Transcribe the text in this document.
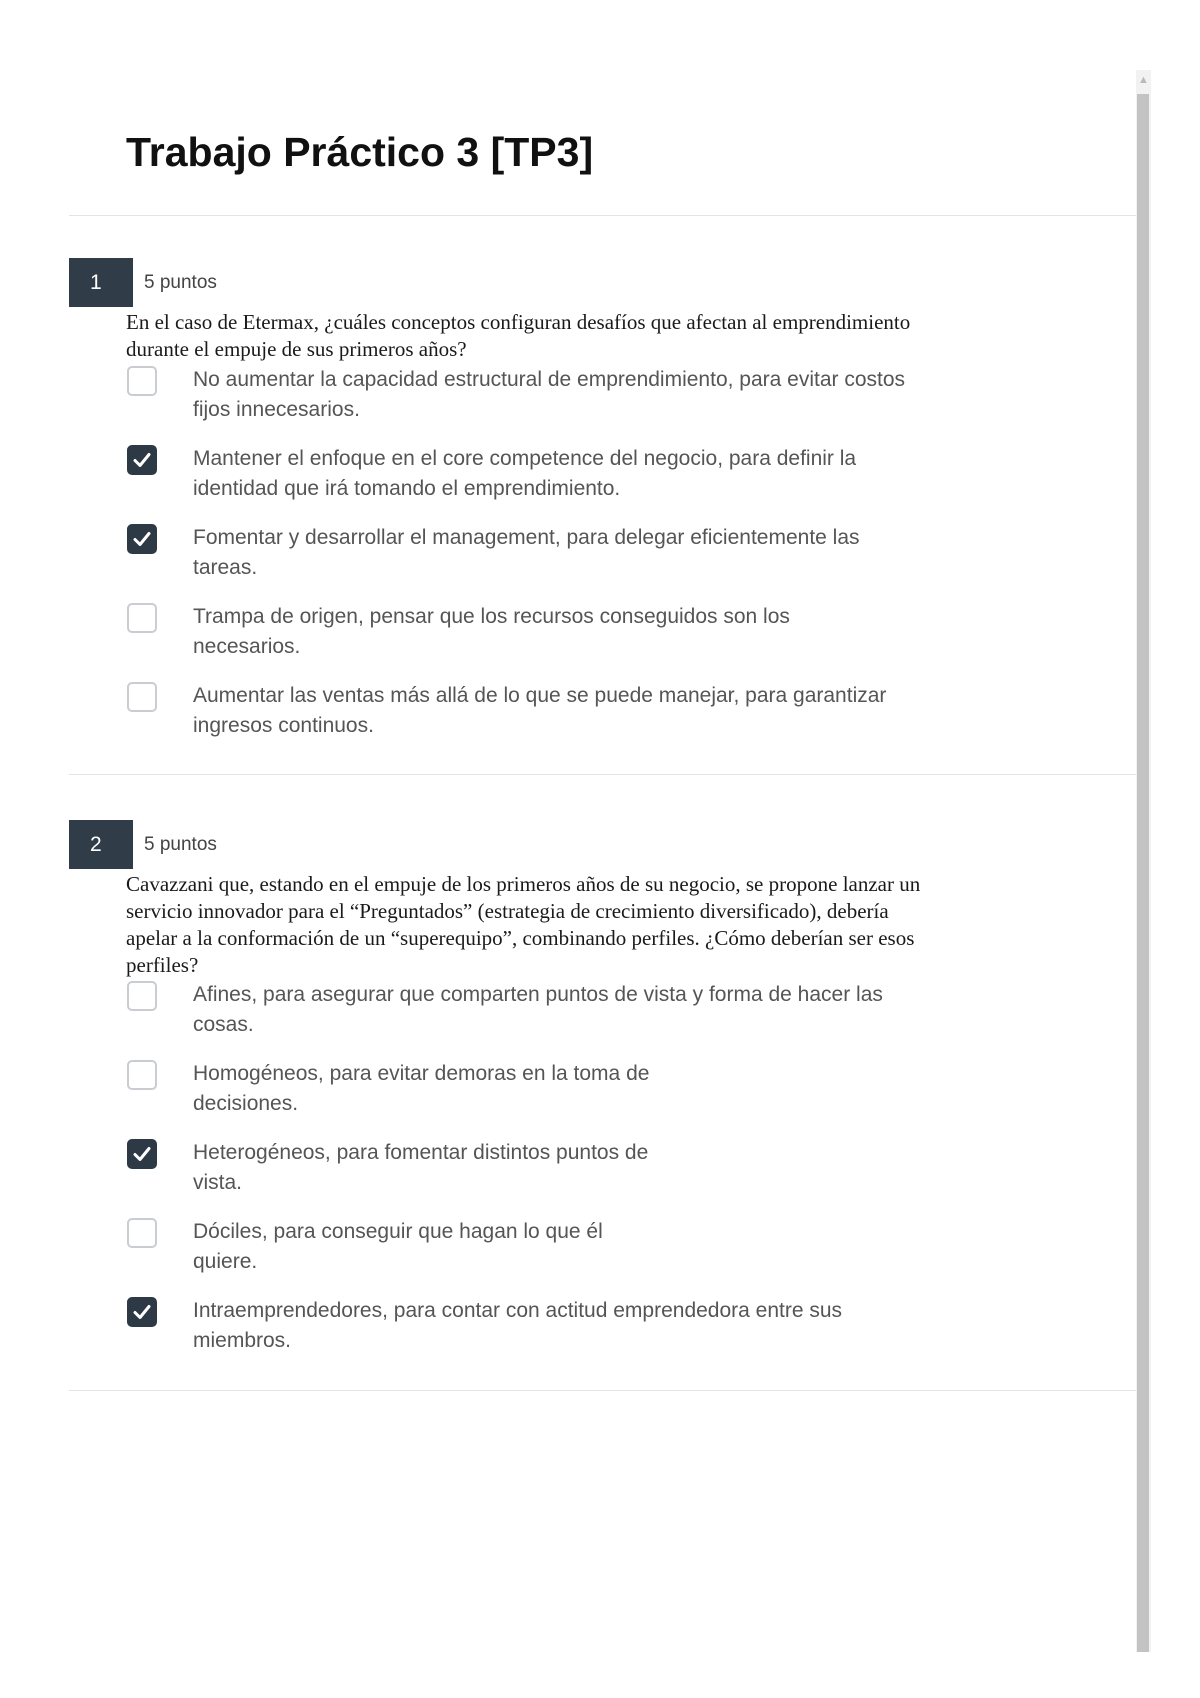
Trabajo Práctico 3 [TP3]
1	5 puntos

En el caso de Etermax, ¿cuáles conceptos configuran desafíos que afectan al emprendimiento
durante el empuje de sus primeros años?

No aumentar la capacidad estructural de emprendimiento, para evitar costos
fijos innecesarios.
Mantener el enfoque en el core competence del negocio, para definir la
identidad que irá tomando el emprendimiento.
Fomentar y desarrollar el management, para delegar eficientemente las
tareas.
Trampa de origen, pensar que los recursos conseguidos son los
necesarios.
Aumentar las ventas más allá de lo que se puede manejar, para garantizar
ingresos continuos.
2	5 puntos

Cavazzani que, estando en el empuje de los primeros años de su negocio, se propone lanzar un
servicio innovador para el “Preguntados” (estrategia de crecimiento diversificado), debería
apelar a la conformación de un “superequipo”, combinando perfiles. ¿Cómo deberían ser esos
perfiles?

Afines, para asegurar que comparten puntos de vista y forma de hacer las
cosas.
Homogéneos, para evitar demoras en la toma de
decisiones.
Heterogéneos, para fomentar distintos puntos de
vista.
Dóciles, para conseguir que hagan lo que él
quiere.
Intraemprendedores, para contar con actitud emprendedora entre sus
miembros.
▲
